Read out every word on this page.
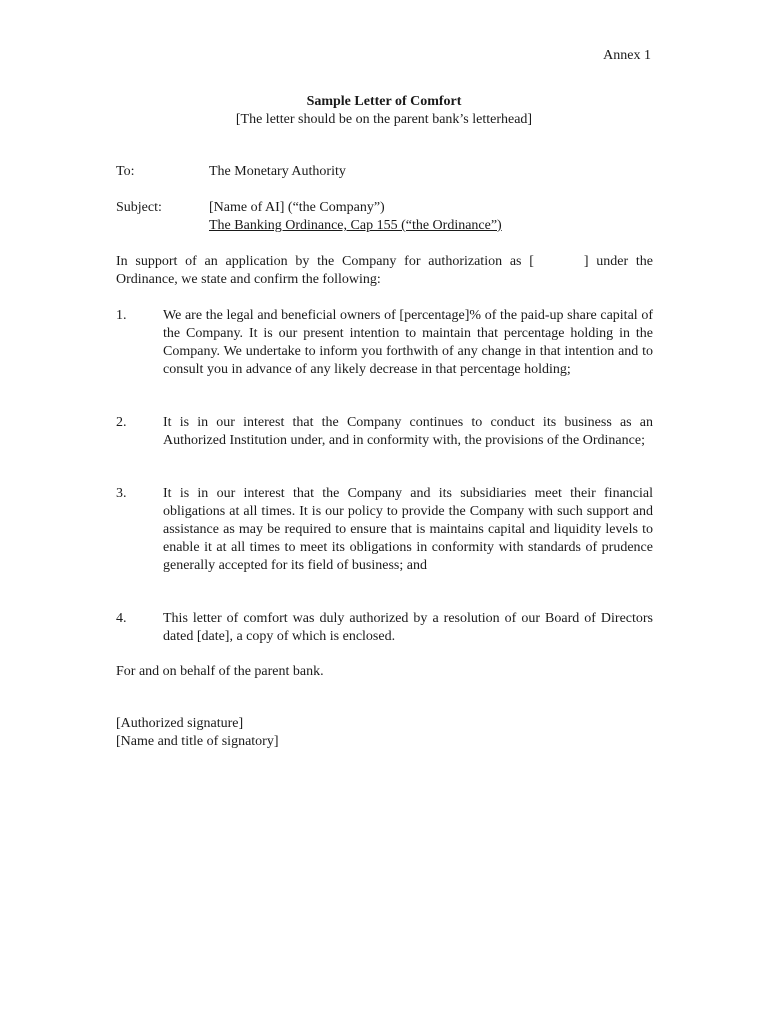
Annex 1
Sample Letter of Comfort
[The letter should be on the parent bank’s letterhead]
To:	The Monetary Authority
Subject:	[Name of AI] (“the Company”)
The Banking Ordinance, Cap 155 (“the Ordinance”)
In support of an application by the Company for authorization as [	] under the Ordinance, we state and confirm the following:
1.	We are the legal and beneficial owners of [percentage]% of the paid-up share capital of the Company. It is our present intention to maintain that percentage holding in the Company. We undertake to inform you forthwith of any change in that intention and to consult you in advance of any likely decrease in that percentage holding;
2.	It is in our interest that the Company continues to conduct its business as an Authorized Institution under, and in conformity with, the provisions of the Ordinance;
3.	It is in our interest that the Company and its subsidiaries meet their financial obligations at all times. It is our policy to provide the Company with such support and assistance as may be required to ensure that is maintains capital and liquidity levels to enable it at all times to meet its obligations in conformity with standards of prudence generally accepted for its field of business; and
4.	This letter of comfort was duly authorized by a resolution of our Board of Directors dated [date], a copy of which is enclosed.
For and on behalf of the parent bank.
[Authorized signature]
[Name and title of signatory]
